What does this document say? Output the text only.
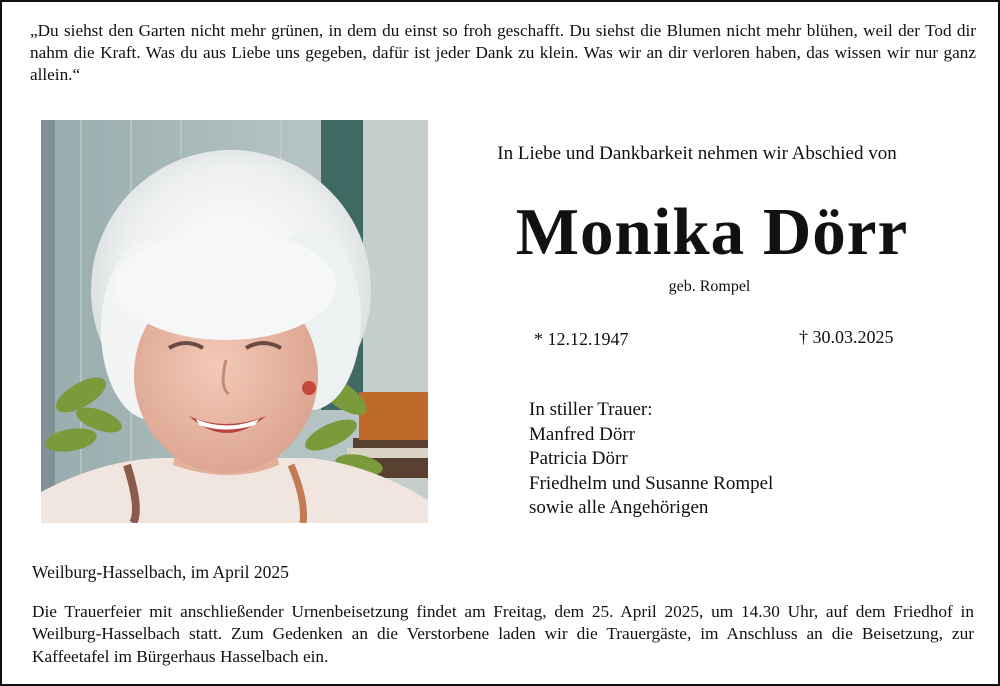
„Du siehst den Garten nicht mehr grünen, in dem du einst so froh geschafft. Du siehst die Blumen nicht mehr blühen, weil der Tod dir nahm die Kraft. Was du aus Liebe uns gegeben, dafür ist jeder Dank zu klein. Was wir an dir verloren haben, das wissen wir nur ganz allein.“
In Liebe und Dankbarkeit nehmen wir Abschied von
Monika Dörr
geb. Rompel
* 12.12.1947	† 30.03.2025
In stiller Trauer:
Manfred Dörr
Patricia Dörr
Friedhelm und Susanne Rompel
sowie alle Angehörigen
Weilburg-Hasselbach, im April 2025
Die Trauerfeier mit anschließender Urnenbeisetzung findet am Freitag, dem 25. April 2025, um 14.30 Uhr, auf dem Friedhof in Weilburg-Hasselbach statt. Zum Gedenken an die Verstorbene laden wir die Trauergäste, im Anschluss an die Beisetzung, zur Kaffeetafel im Bürgerhaus Hasselbach ein.
